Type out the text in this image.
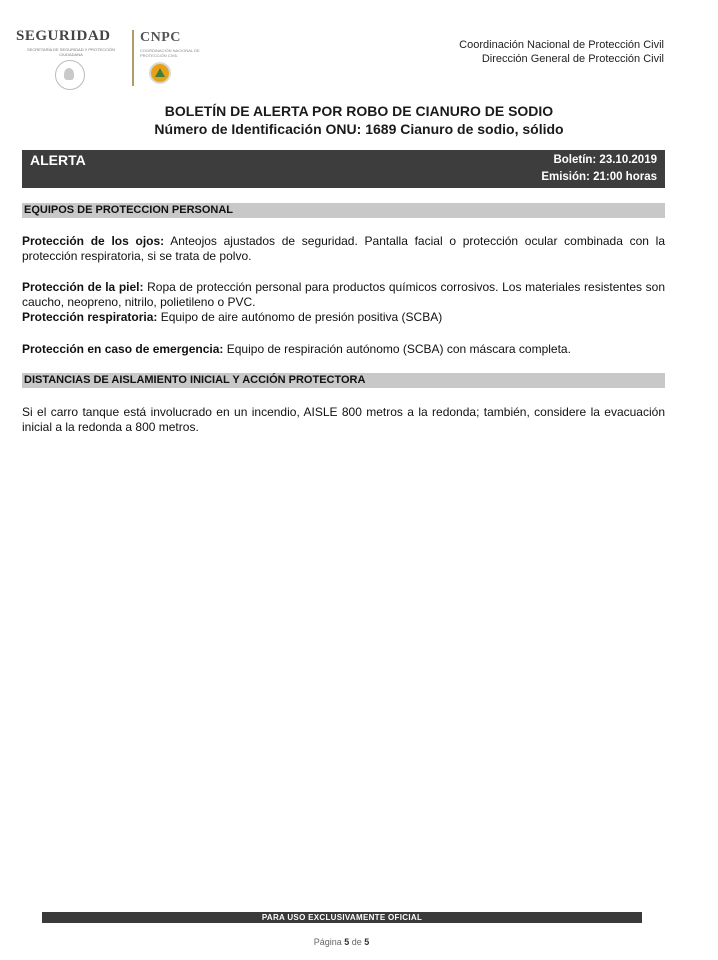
SEGURIDAD
SECRETARÍA DE SEGURIDAD Y PROTECCIÓN CIUDADANA
CNPC
COORDINACIÓN NACIONAL DE PROTECCIÓN CIVIL
Coordinación Nacional de Protección Civil
Dirección General de Protección Civil
BOLETÍN DE ALERTA POR ROBO DE CIANURO DE SODIO
Número de Identificación ONU: 1689 Cianuro de sodio, sólido
ALERTA	Boletín: 23.10.2019
Emisión: 21:00 horas
EQUIPOS DE PROTECCION PERSONAL
Protección de los ojos: Anteojos ajustados de seguridad. Pantalla facial o protección ocular combinada con la protección respiratoria, si se trata de polvo.
Protección de la piel: Ropa de protección personal para productos químicos corrosivos. Los materiales resistentes son caucho, neopreno, nitrilo, polietileno o PVC.
Protección respiratoria: Equipo de aire autónomo de presión positiva (SCBA)
Protección en caso de emergencia: Equipo de respiración autónomo (SCBA) con máscara completa.
DISTANCIAS DE AISLAMIENTO INICIAL Y ACCIÓN PROTECTORA
Si el carro tanque está involucrado en un incendio, AISLE 800 metros a la redonda; también, considere la evacuación inicial a la redonda a 800 metros.
PARA USO EXCLUSIVAMENTE OFICIAL
Página 5 de 5
